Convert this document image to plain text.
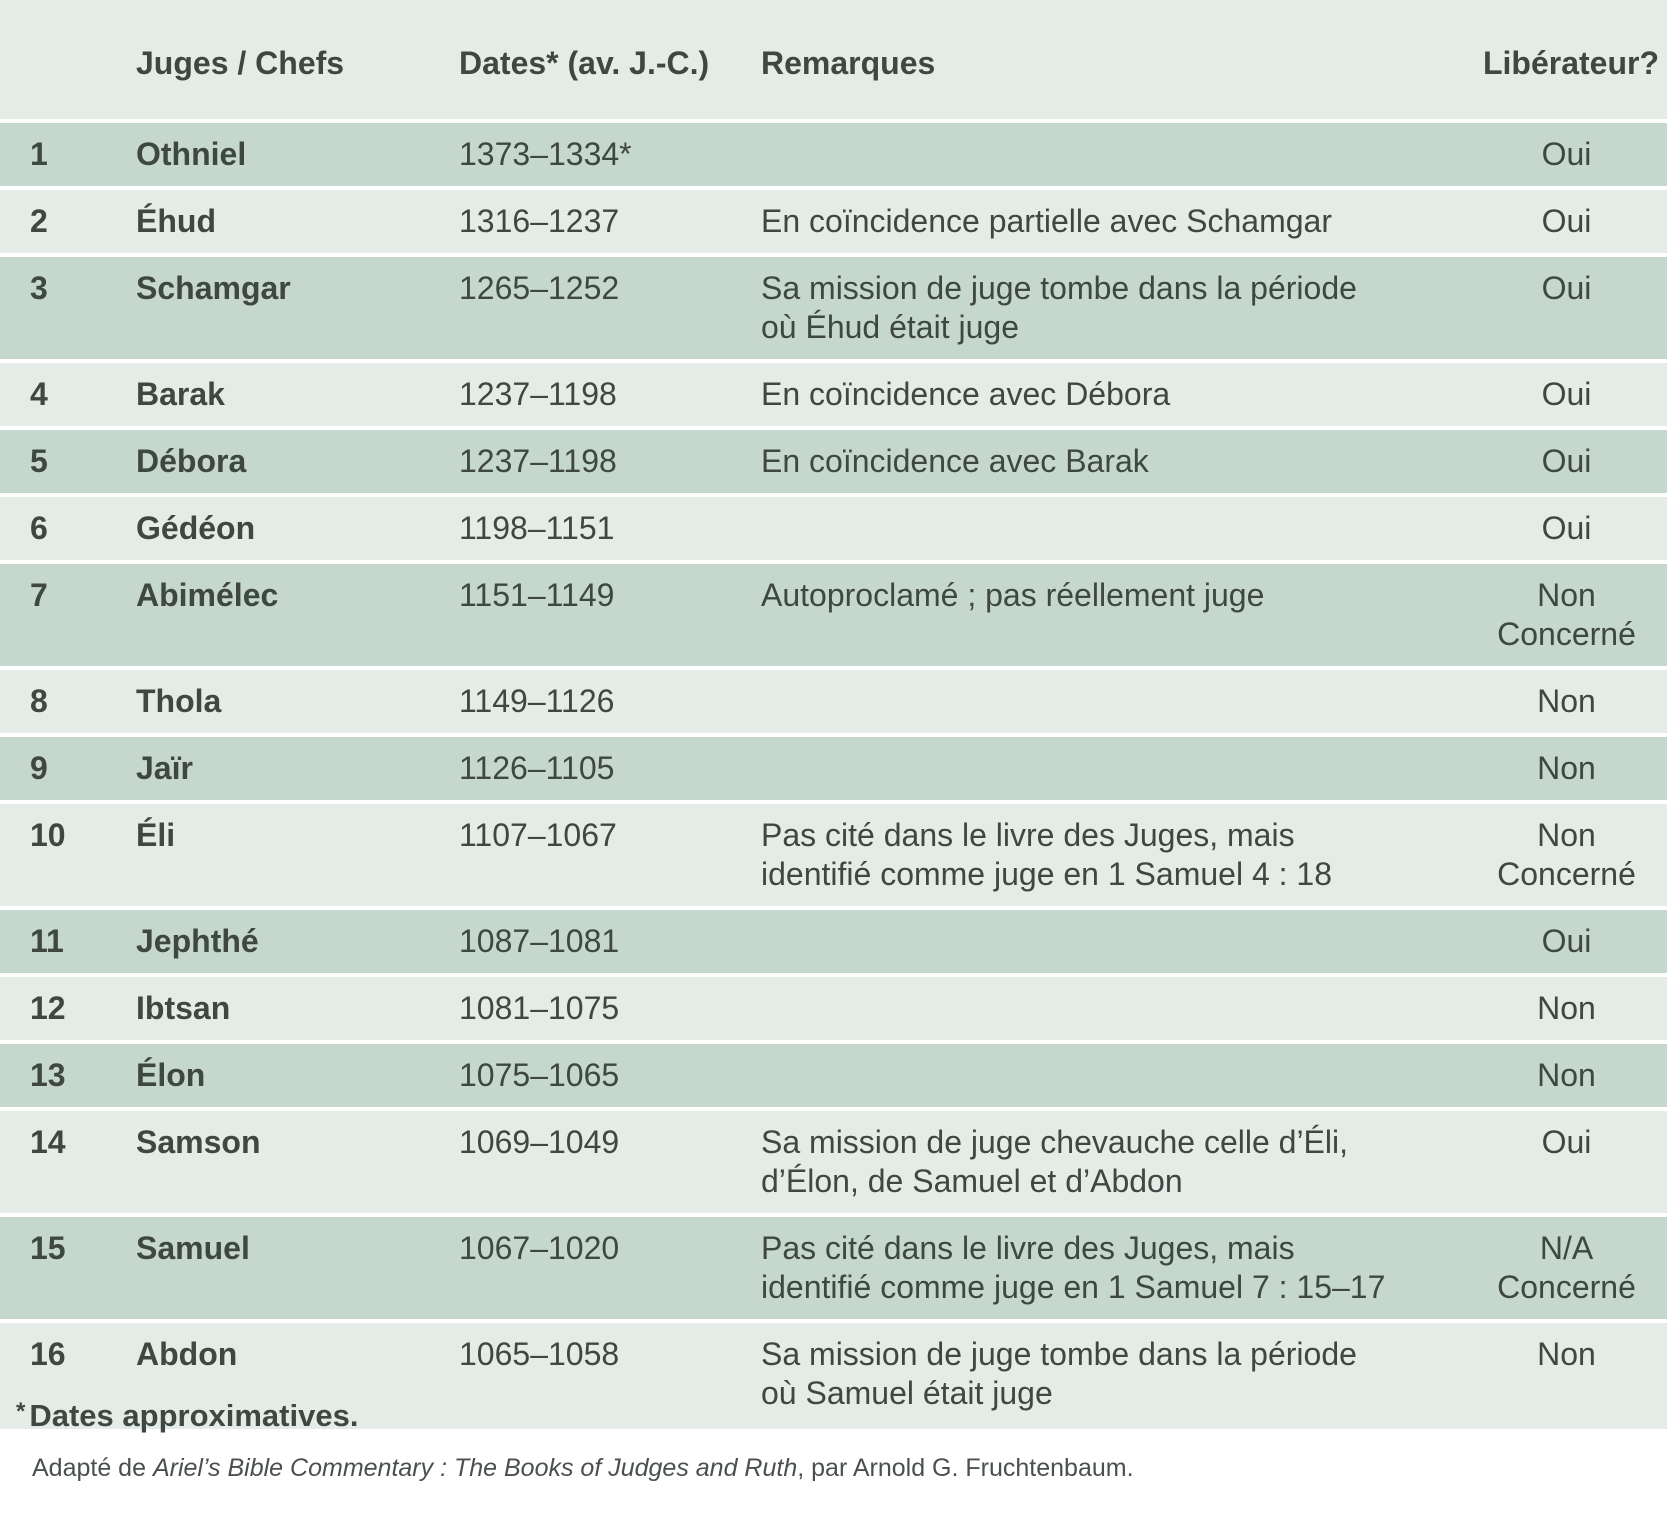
	Juges / Chefs	Dates* (av. J.-C.)	Remarques	Libérateur?
1	Othniel	1373–1334*		Oui
2	Éhud	1316–1237	En coïncidence partielle avec Schamgar	Oui
3	Schamgar	1265–1252	Sa mission de juge tombe dans la période
où Éhud était juge	Oui
4	Barak	1237–1198	En coïncidence avec Débora	Oui
5	Débora	1237–1198	En coïncidence avec Barak	Oui
6	Gédéon	1198–1151		Oui
7	Abimélec	1151–1149	Autoproclamé ; pas réellement juge	Non
Concerné
8	Thola	1149–1126		Non
9	Jaïr	1126–1105		Non
10	Éli	1107–1067	Pas cité dans le livre des Juges, mais
identifié comme juge en 1 Samuel 4 : 18	Non
Concerné
11	Jephthé	1087–1081		Oui
12	Ibtsan	1081–1075		Non
13	Élon	1075–1065		Non
14	Samson	1069–1049	Sa mission de juge chevauche celle d’Éli,
d’Élon, de Samuel et d’Abdon	Oui
15	Samuel	1067–1020	Pas cité dans le livre des Juges, mais
identifié comme juge en 1 Samuel 7 : 15–17	N/A
Concerné
16	Abdon	1065–1058	Sa mission de juge tombe dans la période
où Samuel était juge	Non
* Dates approximatives.
Adapté de Ariel’s Bible Commentary : The Books of Judges and Ruth, par Arnold G. Fruchtenbaum.
